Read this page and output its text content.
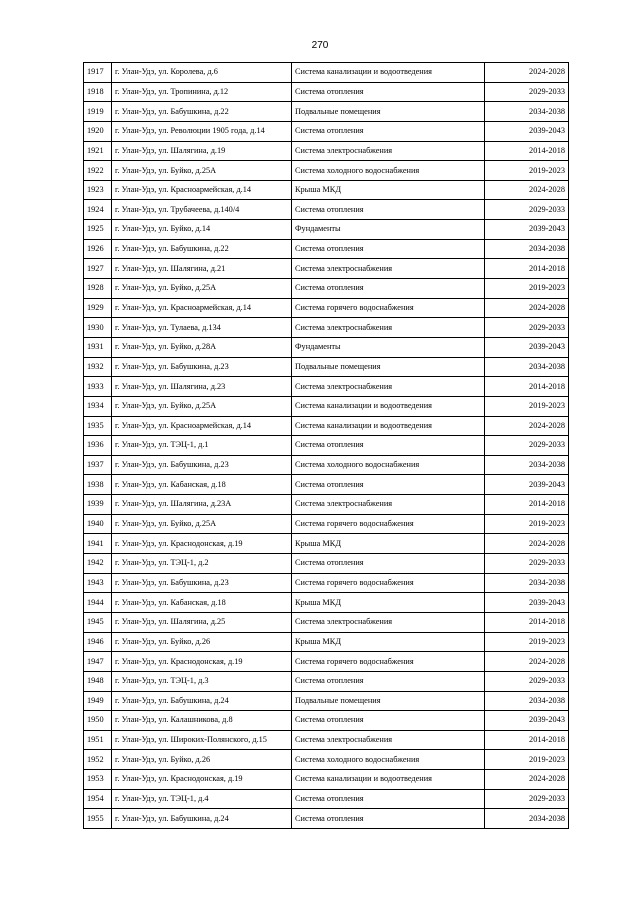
270
1917	г. Улан-Удэ, ул. Королева, д.6	Система канализации и водоотведения	2024-2028
1918	г. Улан-Удэ, ул. Тропинина, д.12	Система отопления	2029-2033
1919	г. Улан-Удэ, ул. Бабушкина, д.22	Подвальные помещения	2034-2038
1920	г. Улан-Удэ, ул. Революции 1905 года, д.14	Система отопления	2039-2043
1921	г. Улан-Удэ, ул. Шалягина, д.19	Система электроснабжения	2014-2018
1922	г. Улан-Удэ, ул. Буйко, д.25А	Система холодного водоснабжения	2019-2023
1923	г. Улан-Удэ, ул. Красноармейская, д.14	Крыша МКД	2024-2028
1924	г. Улан-Удэ, ул. Трубачеева, д.140/4	Система отопления	2029-2033
1925	г. Улан-Удэ, ул. Буйко, д.14	Фундаменты	2039-2043
1926	г. Улан-Удэ, ул. Бабушкина, д.22	Система отопления	2034-2038
1927	г. Улан-Удэ, ул. Шалягина, д.21	Система электроснабжения	2014-2018
1928	г. Улан-Удэ, ул. Буйко, д.25А	Система отопления	2019-2023
1929	г. Улан-Удэ, ул. Красноармейская, д.14	Система горячего водоснабжения	2024-2028
1930	г. Улан-Удэ, ул. Тулаева, д.134	Система электроснабжения	2029-2033
1931	г. Улан-Удэ, ул. Буйко, д.28А	Фундаменты	2039-2043
1932	г. Улан-Удэ, ул. Бабушкина, д.23	Подвальные помещения	2034-2038
1933	г. Улан-Удэ, ул. Шалягина, д.23	Система электроснабжения	2014-2018
1934	г. Улан-Удэ, ул. Буйко, д.25А	Система канализации и водоотведения	2019-2023
1935	г. Улан-Удэ, ул. Красноармейская, д.14	Система канализации и водоотведения	2024-2028
1936	г. Улан-Удэ, ул. ТЭЦ-1, д.1	Система отопления	2029-2033
1937	г. Улан-Удэ, ул. Бабушкина, д.23	Система холодного водоснабжения	2034-2038
1938	г. Улан-Удэ, ул. Кабанская, д.18	Система отопления	2039-2043
1939	г. Улан-Удэ, ул. Шалягина, д.23А	Система электроснабжения	2014-2018
1940	г. Улан-Удэ, ул. Буйко, д.25А	Система горячего водоснабжения	2019-2023
1941	г. Улан-Удэ, ул. Краснодонская, д.19	Крыша МКД	2024-2028
1942	г. Улан-Удэ, ул. ТЭЦ-1, д.2	Система отопления	2029-2033
1943	г. Улан-Удэ, ул. Бабушкина, д.23	Система горячего водоснабжения	2034-2038
1944	г. Улан-Удэ, ул. Кабанская, д.18	Крыша МКД	2039-2043
1945	г. Улан-Удэ, ул. Шалягина, д.25	Система электроснабжения	2014-2018
1946	г. Улан-Удэ, ул. Буйко, д.26	Крыша МКД	2019-2023
1947	г. Улан-Удэ, ул. Краснодонская, д.19	Система горячего водоснабжения	2024-2028
1948	г. Улан-Удэ, ул. ТЭЦ-1, д.3	Система отопления	2029-2033
1949	г. Улан-Удэ, ул. Бабушкина, д.24	Подвальные помещения	2034-2038
1950	г. Улан-Удэ, ул. Калашникова, д.8	Система отопления	2039-2043
1951	г. Улан-Удэ, ул. Широких-Полянского, д.15	Система электроснабжения	2014-2018
1952	г. Улан-Удэ, ул. Буйко, д.26	Система холодного водоснабжения	2019-2023
1953	г. Улан-Удэ, ул. Краснодонская, д.19	Система канализации и водоотведения	2024-2028
1954	г. Улан-Удэ, ул. ТЭЦ-1, д.4	Система отопления	2029-2033
1955	г. Улан-Удэ, ул. Бабушкина, д.24	Система отопления	2034-2038
